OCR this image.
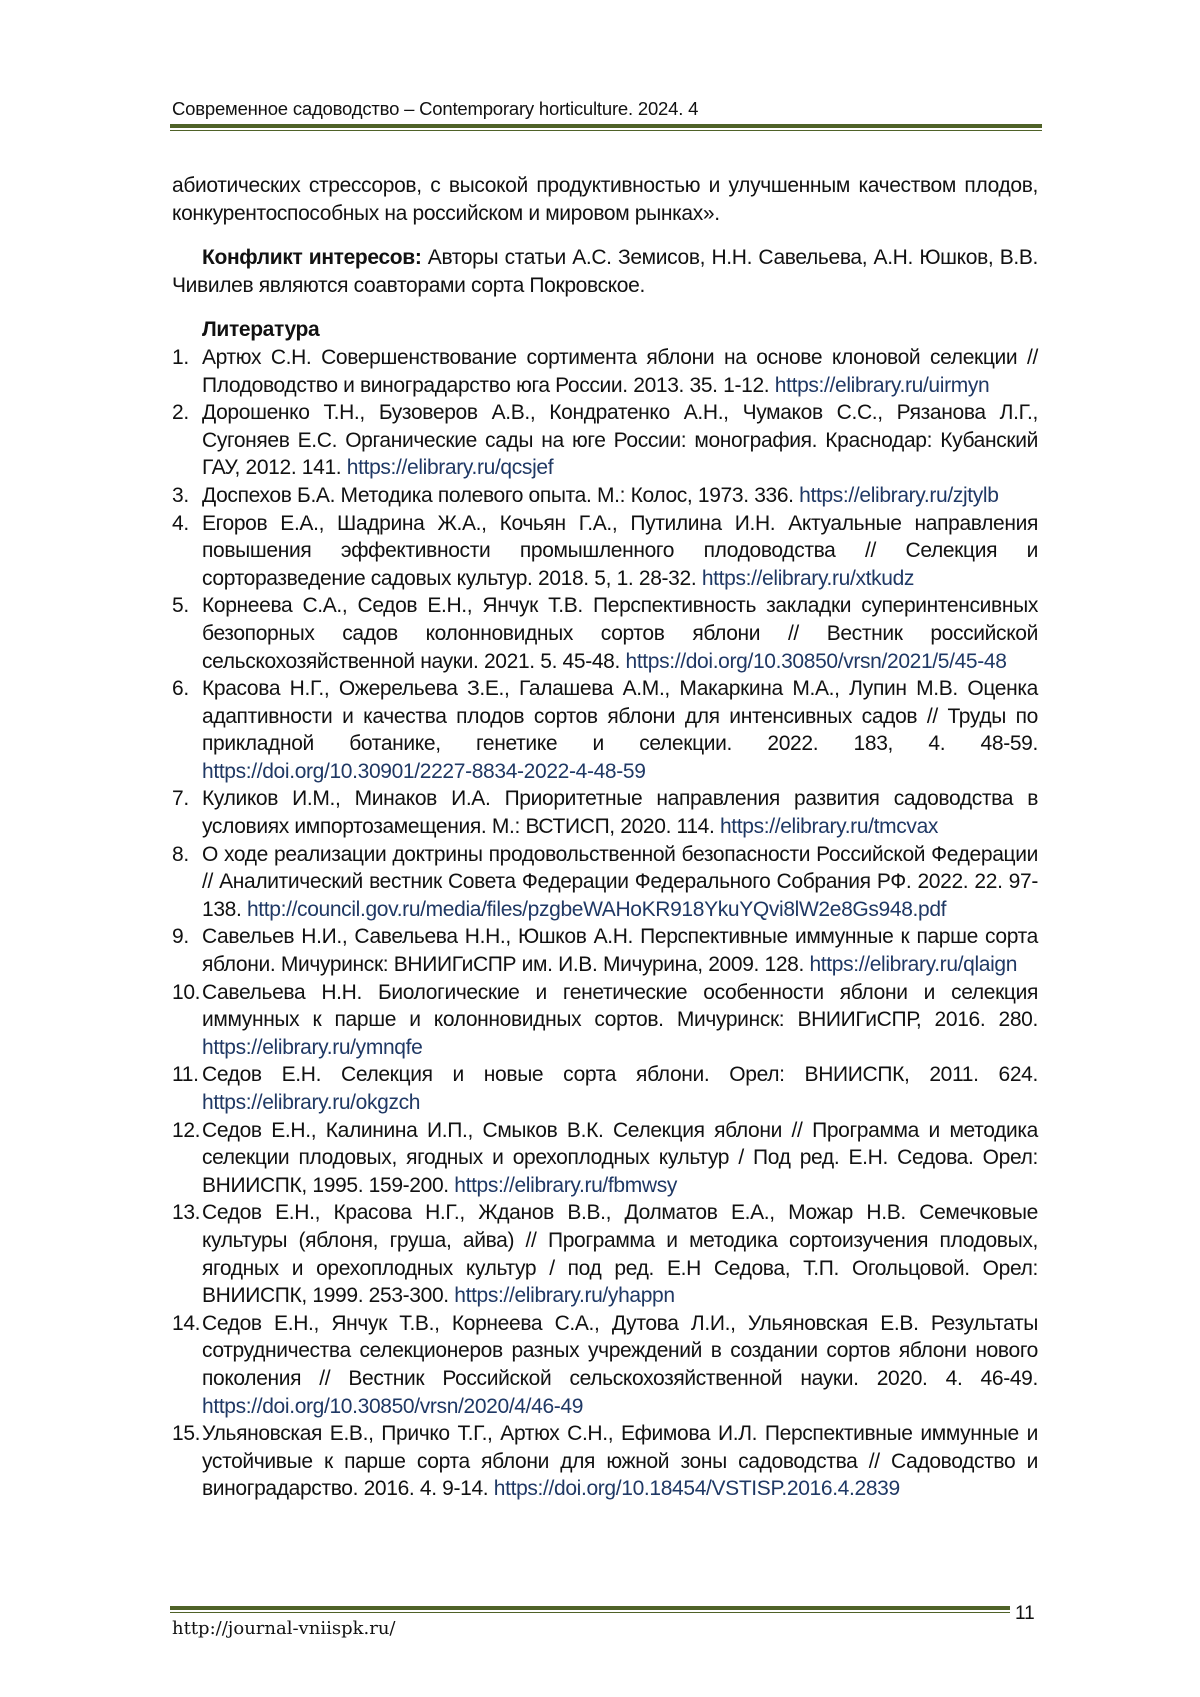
Современное садоводство – Contemporary horticulture. 2024. 4

абиотических стрессоров, с высокой продуктивностью и улучшенным качеством плодов, конкурентоспособных на российском и мировом рынках».

Конфликт интересов: Авторы статьи А.С. Земисов, Н.Н. Савельева, А.Н. Юшков, В.В. Чивилев являются соавторами сорта Покровское.

Литература

1. Артюх С.Н. Совершенствование сортимента яблони на основе клоновой селекции // Плодоводство и виноградарство юга России. 2013. 35. 1-12. https://elibrary.ru/uirmyn
2. Дорошенко Т.Н., Бузоверов А.В., Кондратенко А.Н., Чумаков С.С., Рязанова Л.Г., Сугоняев Е.С. Органические сады на юге России: монография. Краснодар: Кубанский ГАУ, 2012. 141. https://elibrary.ru/qcsjef
3. Доспехов Б.А. Методика полевого опыта. М.: Колос, 1973. 336. https://elibrary.ru/zjtylb
4. Егоров Е.А., Шадрина Ж.А., Кочьян Г.А., Путилина И.Н. Актуальные направления повышения эффективности промышленного плодоводства // Селекция и сорторазведение садовых культур. 2018. 5, 1. 28-32. https://elibrary.ru/xtkudz
5. Корнеева С.А., Седов Е.Н., Янчук Т.В. Перспективность закладки суперинтенсивных безопорных садов колонновидных сортов яблони // Вестник российской сельскохозяйственной науки. 2021. 5. 45-48. https://doi.org/10.30850/vrsn/2021/5/45-48
6. Красова Н.Г., Ожерельева З.Е., Галашева А.М., Макаркина М.А., Лупин М.В. Оценка адаптивности и качества плодов сортов яблони для интенсивных садов // Труды по прикладной ботанике, генетике и селекции. 2022. 183, 4. 48-59. https://doi.org/10.30901/2227-8834-2022-4-48-59
7. Куликов И.М., Минаков И.А. Приоритетные направления развития садоводства в условиях импортозамещения. М.: ВСТИСП, 2020. 114. https://elibrary.ru/tmcvax
8. О ходе реализации доктрины продовольственной безопасности Российской Федерации // Аналитический вестник Совета Федерации Федерального Собрания РФ. 2022. 22. 97-138. http://council.gov.ru/media/files/pzgbeWAHoKR918YkuYQvi8lW2e8Gs948.pdf
9. Савельев Н.И., Савельева Н.Н., Юшков А.Н. Перспективные иммунные к парше сорта яблони. Мичуринск: ВНИИГиСПР им. И.В. Мичурина, 2009. 128. https://elibrary.ru/qlaign
10. Савельева Н.Н. Биологические и генетические особенности яблони и селекция иммунных к парше и колонновидных сортов. Мичуринск: ВНИИГиСПР, 2016. 280. https://elibrary.ru/ymnqfe
11. Седов Е.Н. Селекция и новые сорта яблони. Орел: ВНИИСПК, 2011. 624. https://elibrary.ru/okgzch
12. Седов Е.Н., Калинина И.П., Смыков В.К. Селекция яблони // Программа и методика селекции плодовых, ягодных и орехоплодных культур / Под ред. Е.Н. Седова. Орел: ВНИИСПК, 1995. 159-200. https://elibrary.ru/fbmwsy
13. Седов Е.Н., Красова Н.Г., Жданов В.В., Долматов Е.А., Можар Н.В. Семечковые культуры (яблоня, груша, айва) // Программа и методика сортоизучения плодовых, ягодных и орехоплодных культур / под ред. Е.Н Седова, Т.П. Огольцовой. Орел: ВНИИСПК, 1999. 253-300. https://elibrary.ru/yhappn
14. Седов Е.Н., Янчук Т.В., Корнеева С.А., Дутова Л.И., Ульяновская Е.В. Результаты сотрудничества селекционеров разных учреждений в создании сортов яблони нового поколения // Вестник Российской сельскохозяйственной науки. 2020. 4. 46-49. https://doi.org/10.30850/vrsn/2020/4/46-49
15. Ульяновская Е.В., Причко Т.Г., Артюх С.Н., Ефимова И.Л. Перспективные иммунные и устойчивые к парше сорта яблони для южной зоны садоводства // Садоводство и виноградарство. 2016. 4. 9-14. https://doi.org/10.18454/VSTISP.2016.4.2839
http://journal-vniispk.ru/
11
